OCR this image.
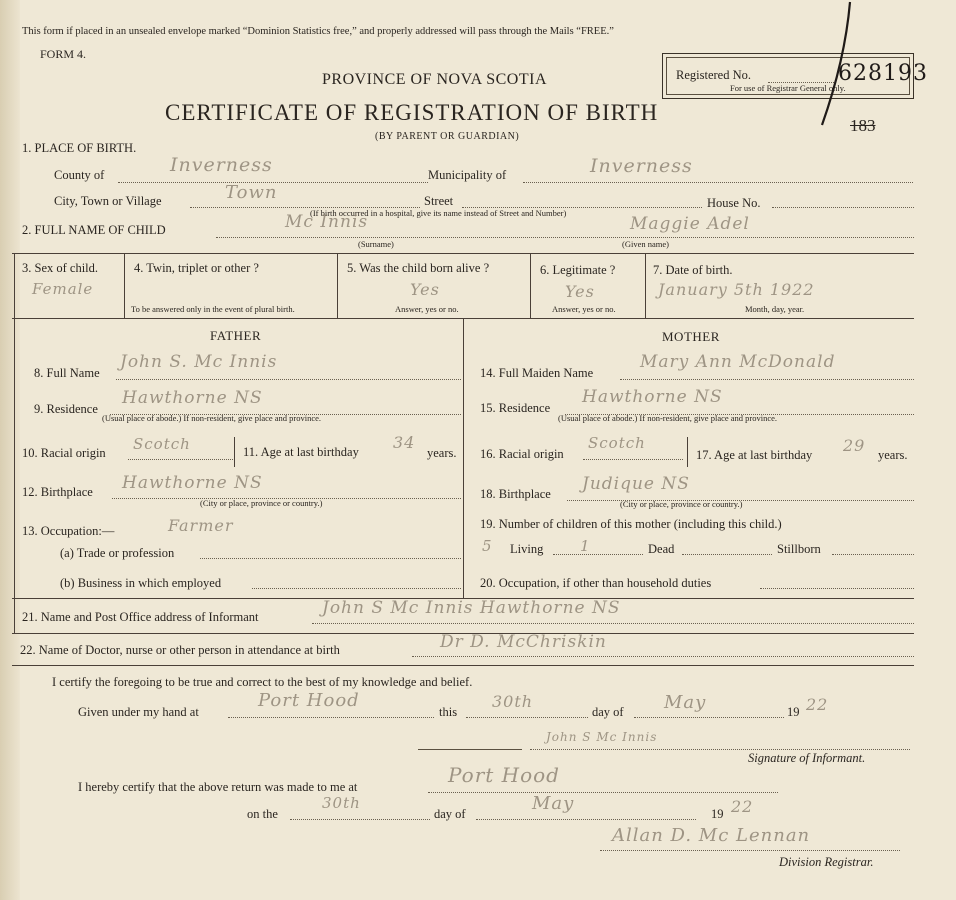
This form if placed in an unsealed envelope marked “Dominion Statistics free,” and properly addressed will pass through the Mails “FREE.”
FORM 4.
PROVINCE OF NOVA SCOTIA
CERTIFICATE OF REGISTRATION OF BIRTH
(BY PARENT OR GUARDIAN)
Registered No.	628193
For use of Registrar General only.
183
1. PLACE OF BIRTH.
County of	Inverness	Municipality of	Inverness
City, Town or Village	Town	Street	House No.
(If birth occurred in a hospital, give its name instead of Street and Number)
2. FULL NAME OF CHILD	Mc Innis	Maggie Adel
(Surname)	(Given name)
3. Sex of child.
Female
4. Twin, triplet or other ?
To be answered only in the event of plural birth.
5. Was the child born alive ?
Yes
Answer, yes or no.
6. Legitimate ?
Yes
Answer, yes or no.
7. Date of birth.
January 5th 1922
Month, day, year.
FATHER	MOTHER
8. Full Name
John S. Mc Innis
9. Residence
Hawthorne NS
(Usual place of abode.) If non-resident, give place and province.
10. Racial origin Scotch	11. Age at last birthday 34
years.
12. Birthplace Hawthorne NS
(City or place, province or country.)
13. Occupation:—	Farmer
(a) Trade or profession
(b) Business in which employed
14. Full Maiden Name
Mary Ann McDonald
15. Residence
Hawthorne NS
(Usual place of abode.) If non-resident, give place and province.
16. Racial origin
Scotch
17. Age at last birthday 29 years.
18. Birthplace Judique NS
(City or place, province or country.)
19. Number of children of this mother (including this child.)
5 Living 1	Dead	Stillborn
20. Occupation, if other than household duties
21. Name and Post Office address of Informant	John S Mc Innis Hawthorne NS
22. Name of Doctor, nurse or other person in attendance at birth	Dr D. McChriskin
I certify the foregoing to be true and correct to the best of my knowledge and belief.
Given under my hand at
Port Hood
this
30th
day of May	19 22
John S Mc Innis
Signature of Informant.
I hereby certify that the above return was made to me at	Port Hood
on the
30th
day of	May	19 22
Allan D. Mc Lennan
Division Registrar.
